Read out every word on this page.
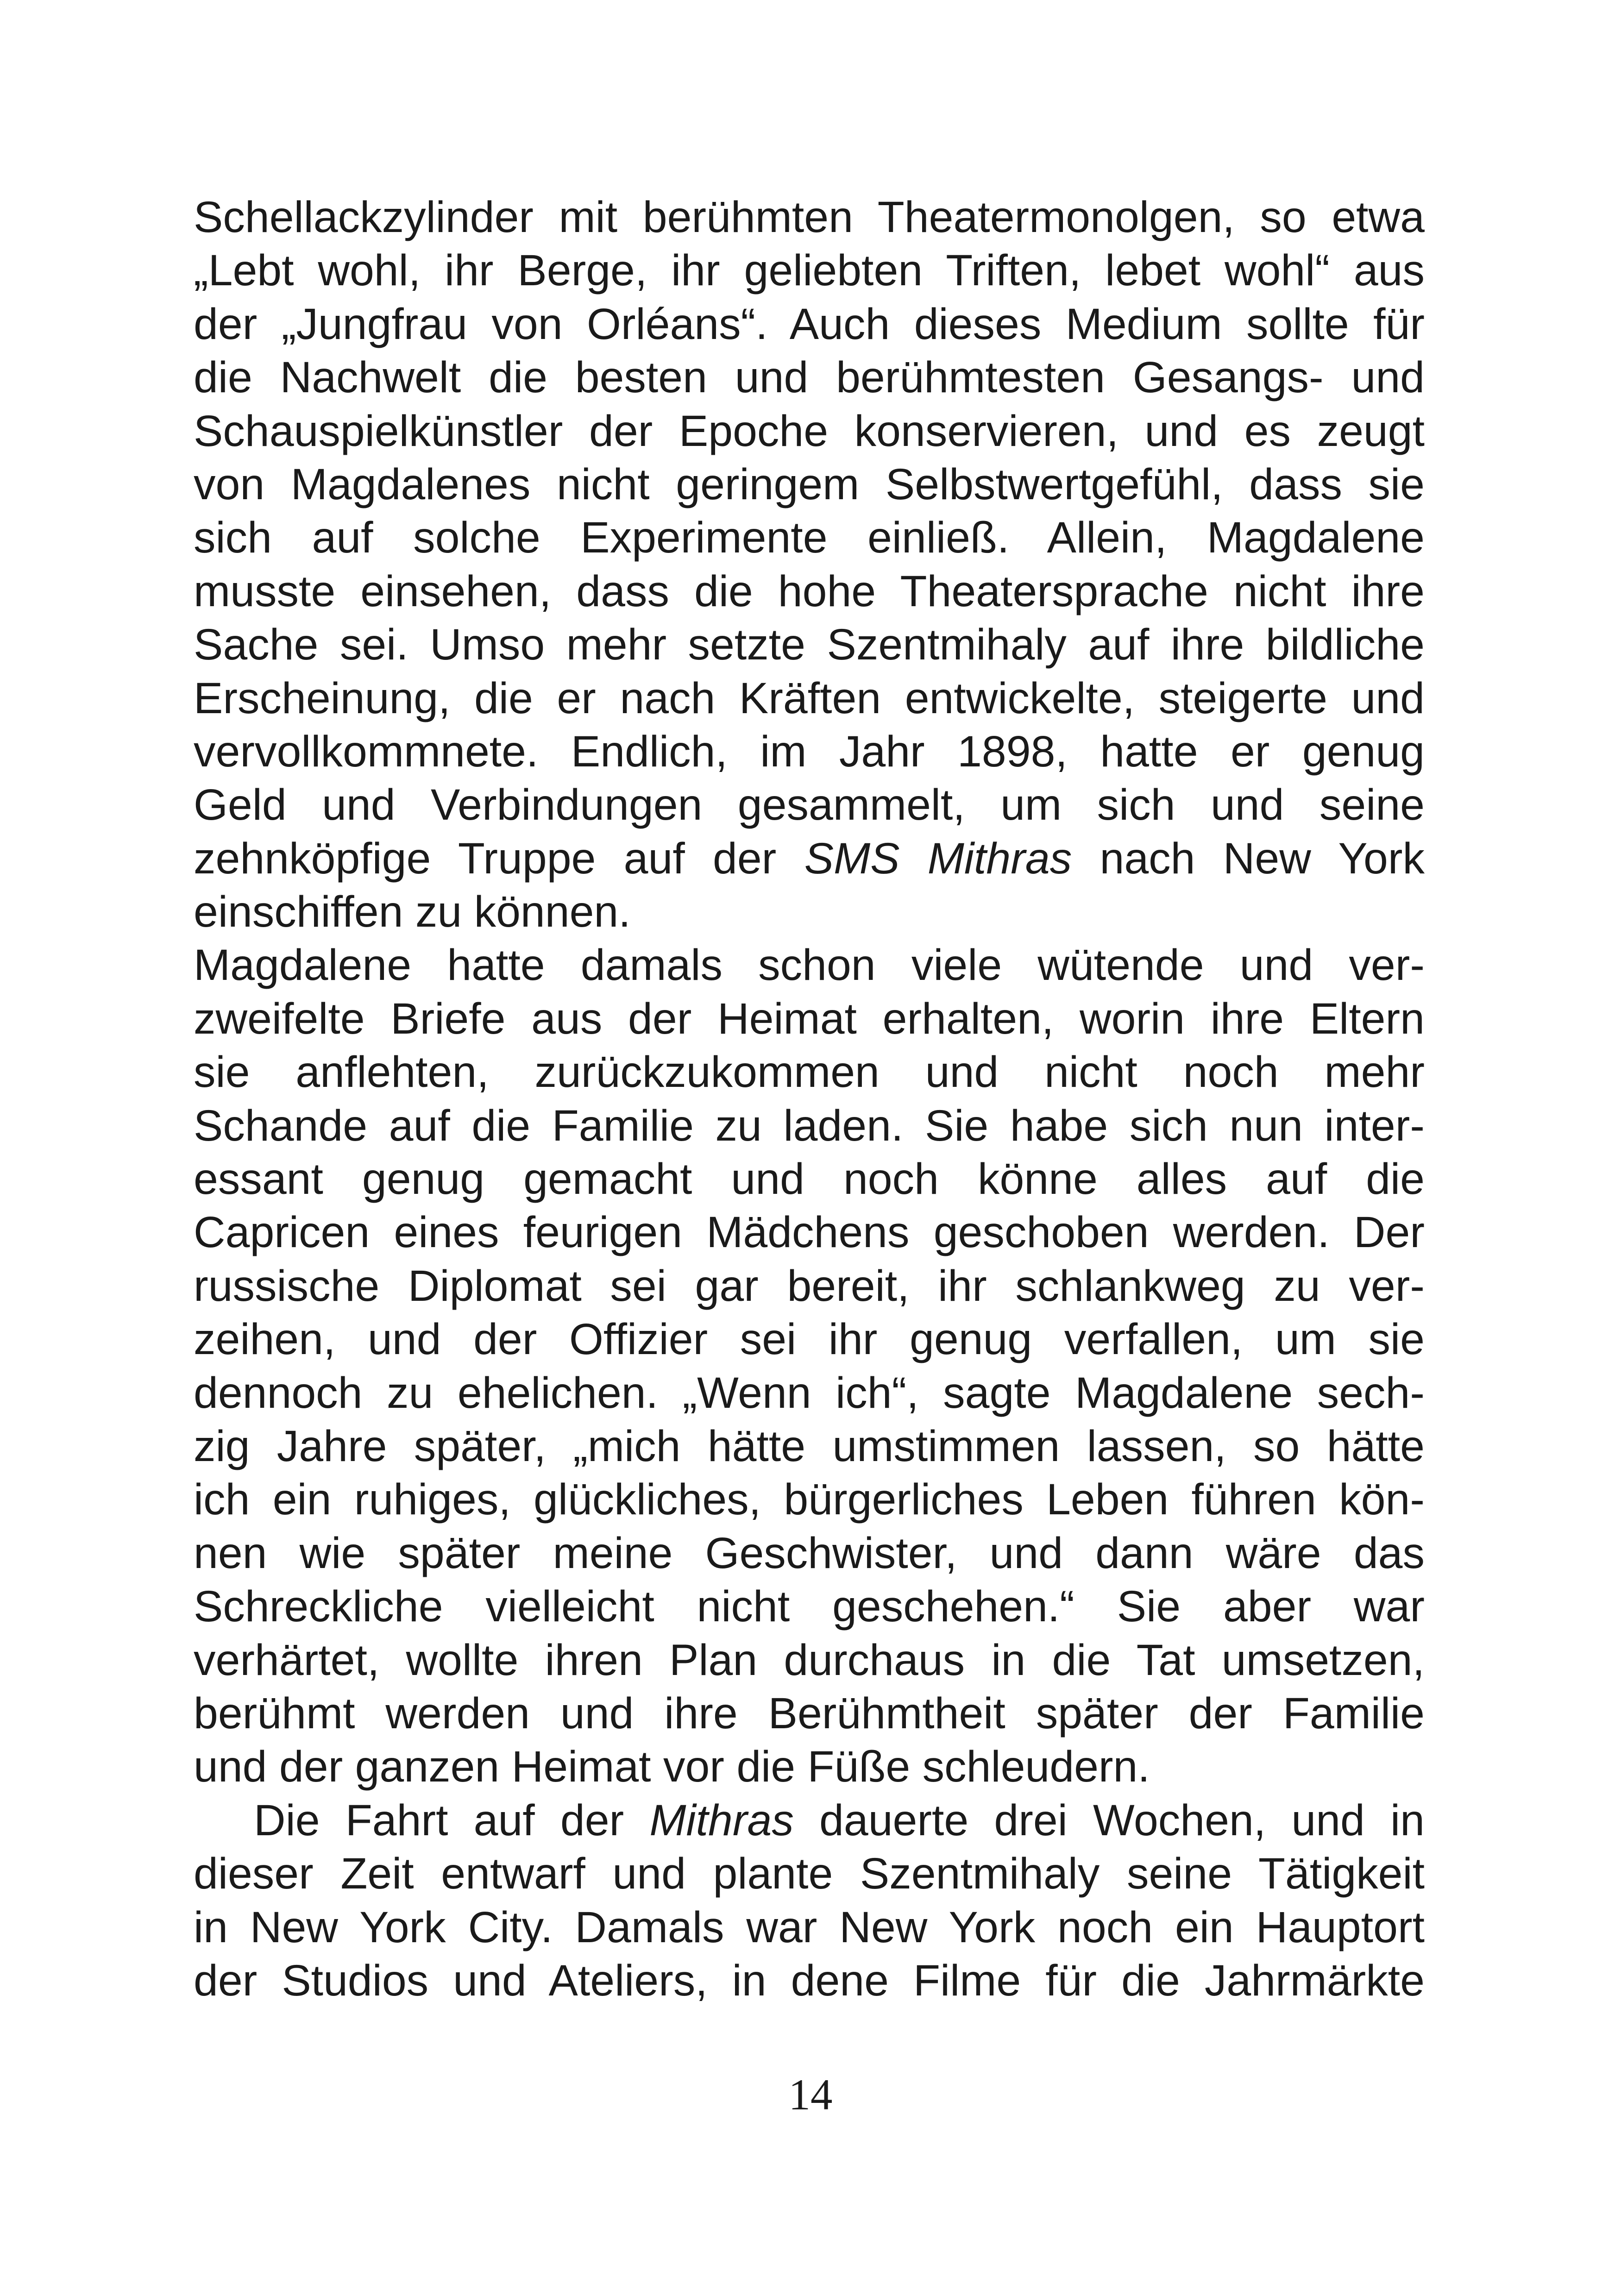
Schellackzylinder mit berühmten Theatermonolgen, so etwa
„Lebt wohl, ihr Berge, ihr geliebten Triften, lebet wohl“ aus
der „Jungfrau von Orléans“. Auch dieses Medium sollte für
die Nachwelt die besten und berühmtesten Gesangs- und
Schauspielkünstler der Epoche konservieren, und es zeugt
von Magdalenes nicht geringem Selbstwertgefühl, dass sie
sich auf solche Experimente einließ. Allein, Magdalene
musste einsehen, dass die hohe Theatersprache nicht ihre
Sache sei. Umso mehr setzte Szentmihaly auf ihre bildliche
Erscheinung, die er nach Kräften entwickelte, steigerte und
vervollkommnete. Endlich, im Jahr 1898, hatte er genug
Geld und Verbindungen gesammelt, um sich und seine
zehnköpfige Truppe auf der SMS Mithras nach New York
einschiffen zu können.
Magdalene hatte damals schon viele wütende und ver-
zweifelte Briefe aus der Heimat erhalten, worin ihre Eltern
sie anflehten, zurückzukommen und nicht noch mehr
Schande auf die Familie zu laden. Sie habe sich nun inter-
essant genug gemacht und noch könne alles auf die
Capricen eines feurigen Mädchens geschoben werden. Der
russische Diplomat sei gar bereit, ihr schlankweg zu ver-
zeihen, und der Offizier sei ihr genug verfallen, um sie
dennoch zu ehelichen. „Wenn ich“, sagte Magdalene sech-
zig Jahre später, „mich hätte umstimmen lassen, so hätte
ich ein ruhiges, glückliches, bürgerliches Leben führen kön-
nen wie später meine Geschwister, und dann wäre das
Schreckliche vielleicht nicht geschehen.“ Sie aber war
verhärtet, wollte ihren Plan durchaus in die Tat umsetzen,
berühmt werden und ihre Berühmtheit später der Familie
und der ganzen Heimat vor die Füße schleudern.
Die Fahrt auf der Mithras dauerte drei Wochen, und in
dieser Zeit entwarf und plante Szentmihaly seine Tätigkeit
in New York City. Damals war New York noch ein Hauptort
der Studios und Ateliers, in dene Filme für die Jahrmärkte
14
